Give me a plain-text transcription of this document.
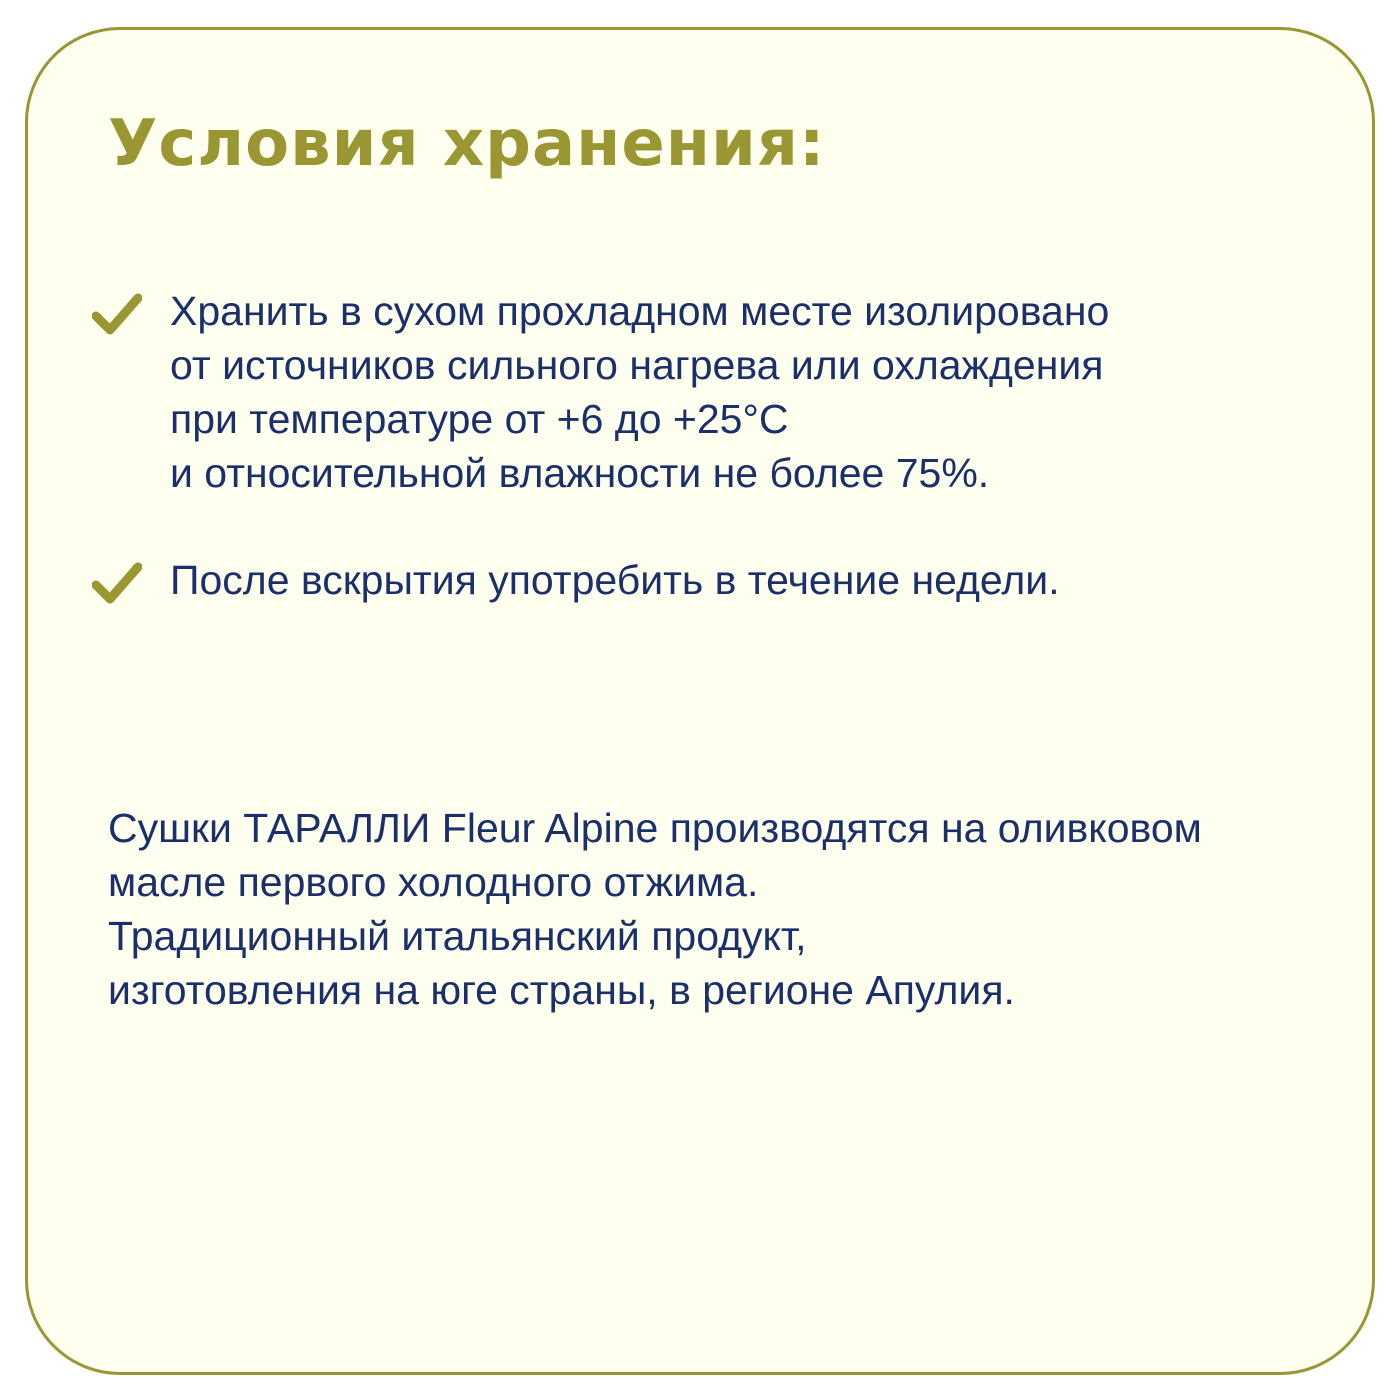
Условия хранения:
Хранить в сухом прохладном месте изолировано
от источников сильного нагрева или охлаждения
при температуре от +6 до +25°С
и относительной влажности не более 75%.
После вскрытия употребить в течение недели.
Сушки ТАРАЛЛИ Fleur Alpine производятся на оливковом
масле первого холодного отжима.
Традиционный итальянский продукт,
изготовления на юге страны, в регионе Апулия.
